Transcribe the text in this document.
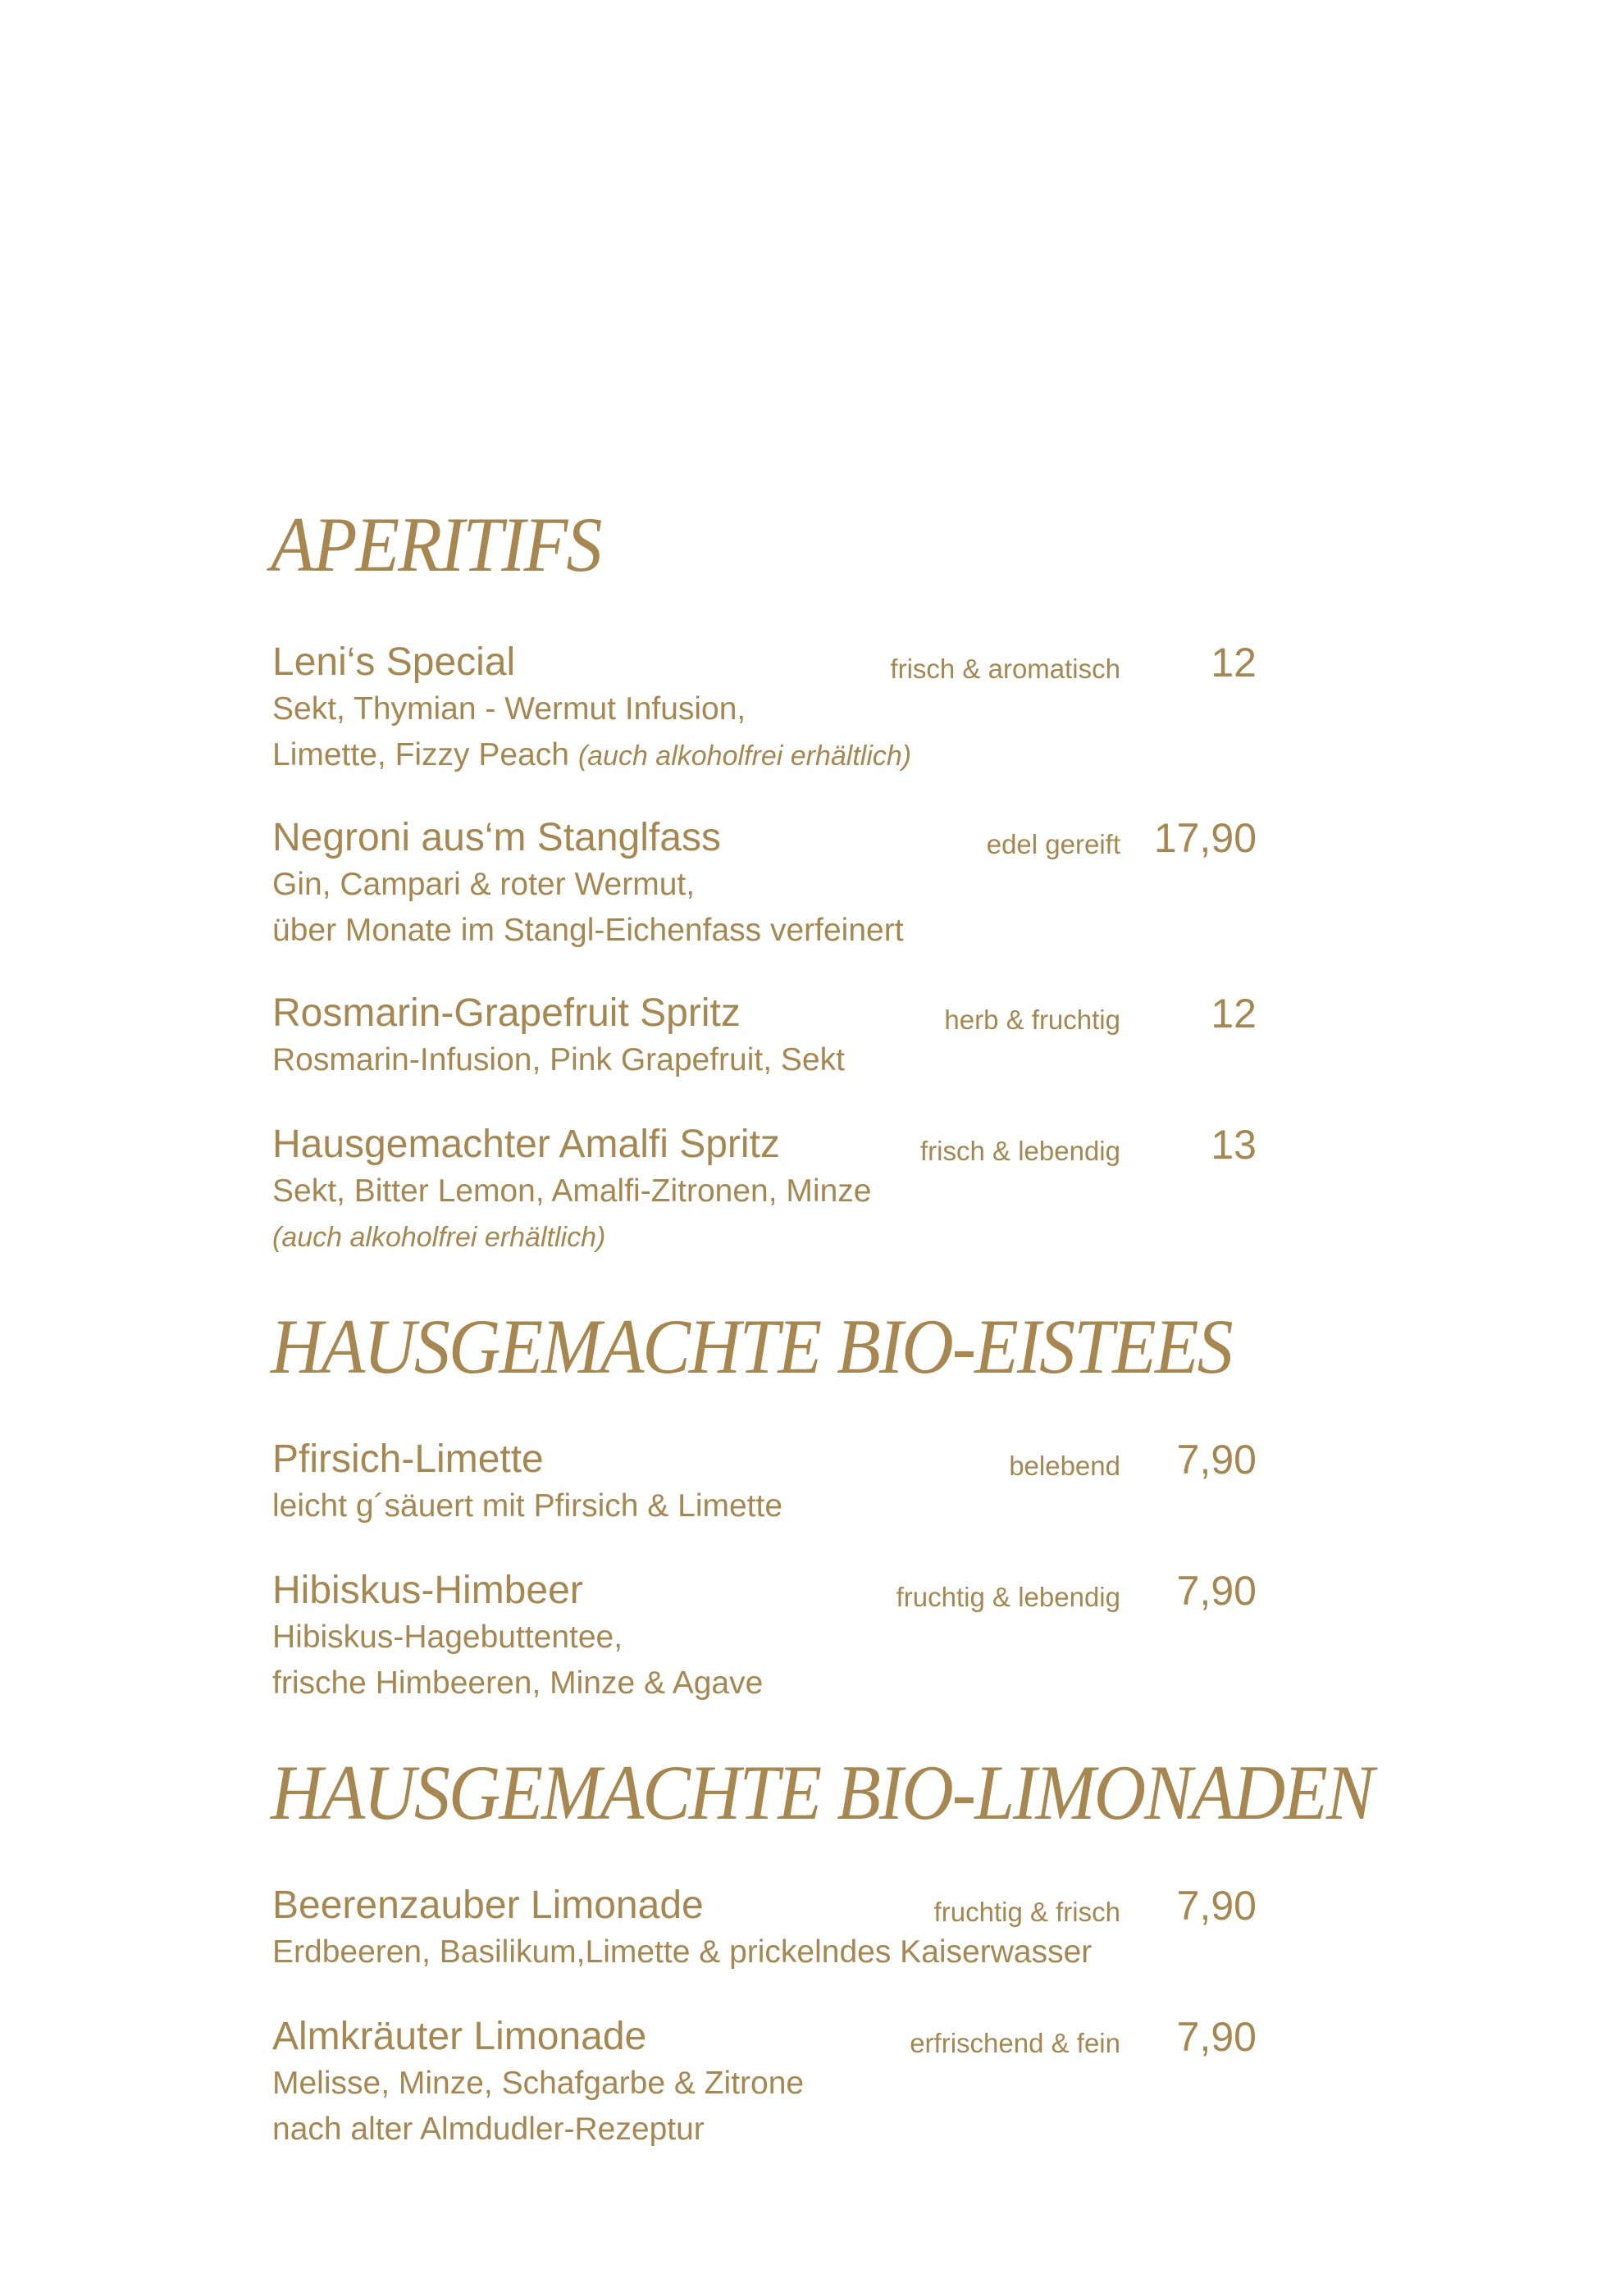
APERITIFS
Leni‘s Special	frisch & aromatisch 12
Sekt, Thymian - Wermut Infusion,
Limette, Fizzy Peach (auch alkoholfrei erhältlich)
Negroni aus‘m Stanglfass	edel gereift 17,90
Gin, Campari & roter Wermut,
über Monate im Stangl-Eichenfass verfeinert
Rosmarin-Grapefruit Spritz	herb & fruchtig 12
Rosmarin-Infusion, Pink Grapefruit, Sekt
Hausgemachter Amalfi Spritz	frisch & lebendig 13
Sekt, Bitter Lemon, Amalfi-Zitronen, Minze
(auch alkoholfrei erhältlich)
HAUSGEMACHTE BIO-EISTEES
Pfirsich-Limette	belebend 7,90
leicht g´säuert mit Pfirsich & Limette
Hibiskus-Himbeer	fruchtig & lebendig 7,90
Hibiskus-Hagebuttentee,
frische Himbeeren, Minze & Agave
HAUSGEMACHTE BIO-LIMONADEN
Beerenzauber Limonade	fruchtig & frisch 7,90
Erdbeeren, Basilikum,Limette & prickelndes Kaiserwasser
Almkräuter Limonade	erfrischend & fein 7,90
Melisse, Minze, Schafgarbe & Zitrone
nach alter Almdudler-Rezeptur
